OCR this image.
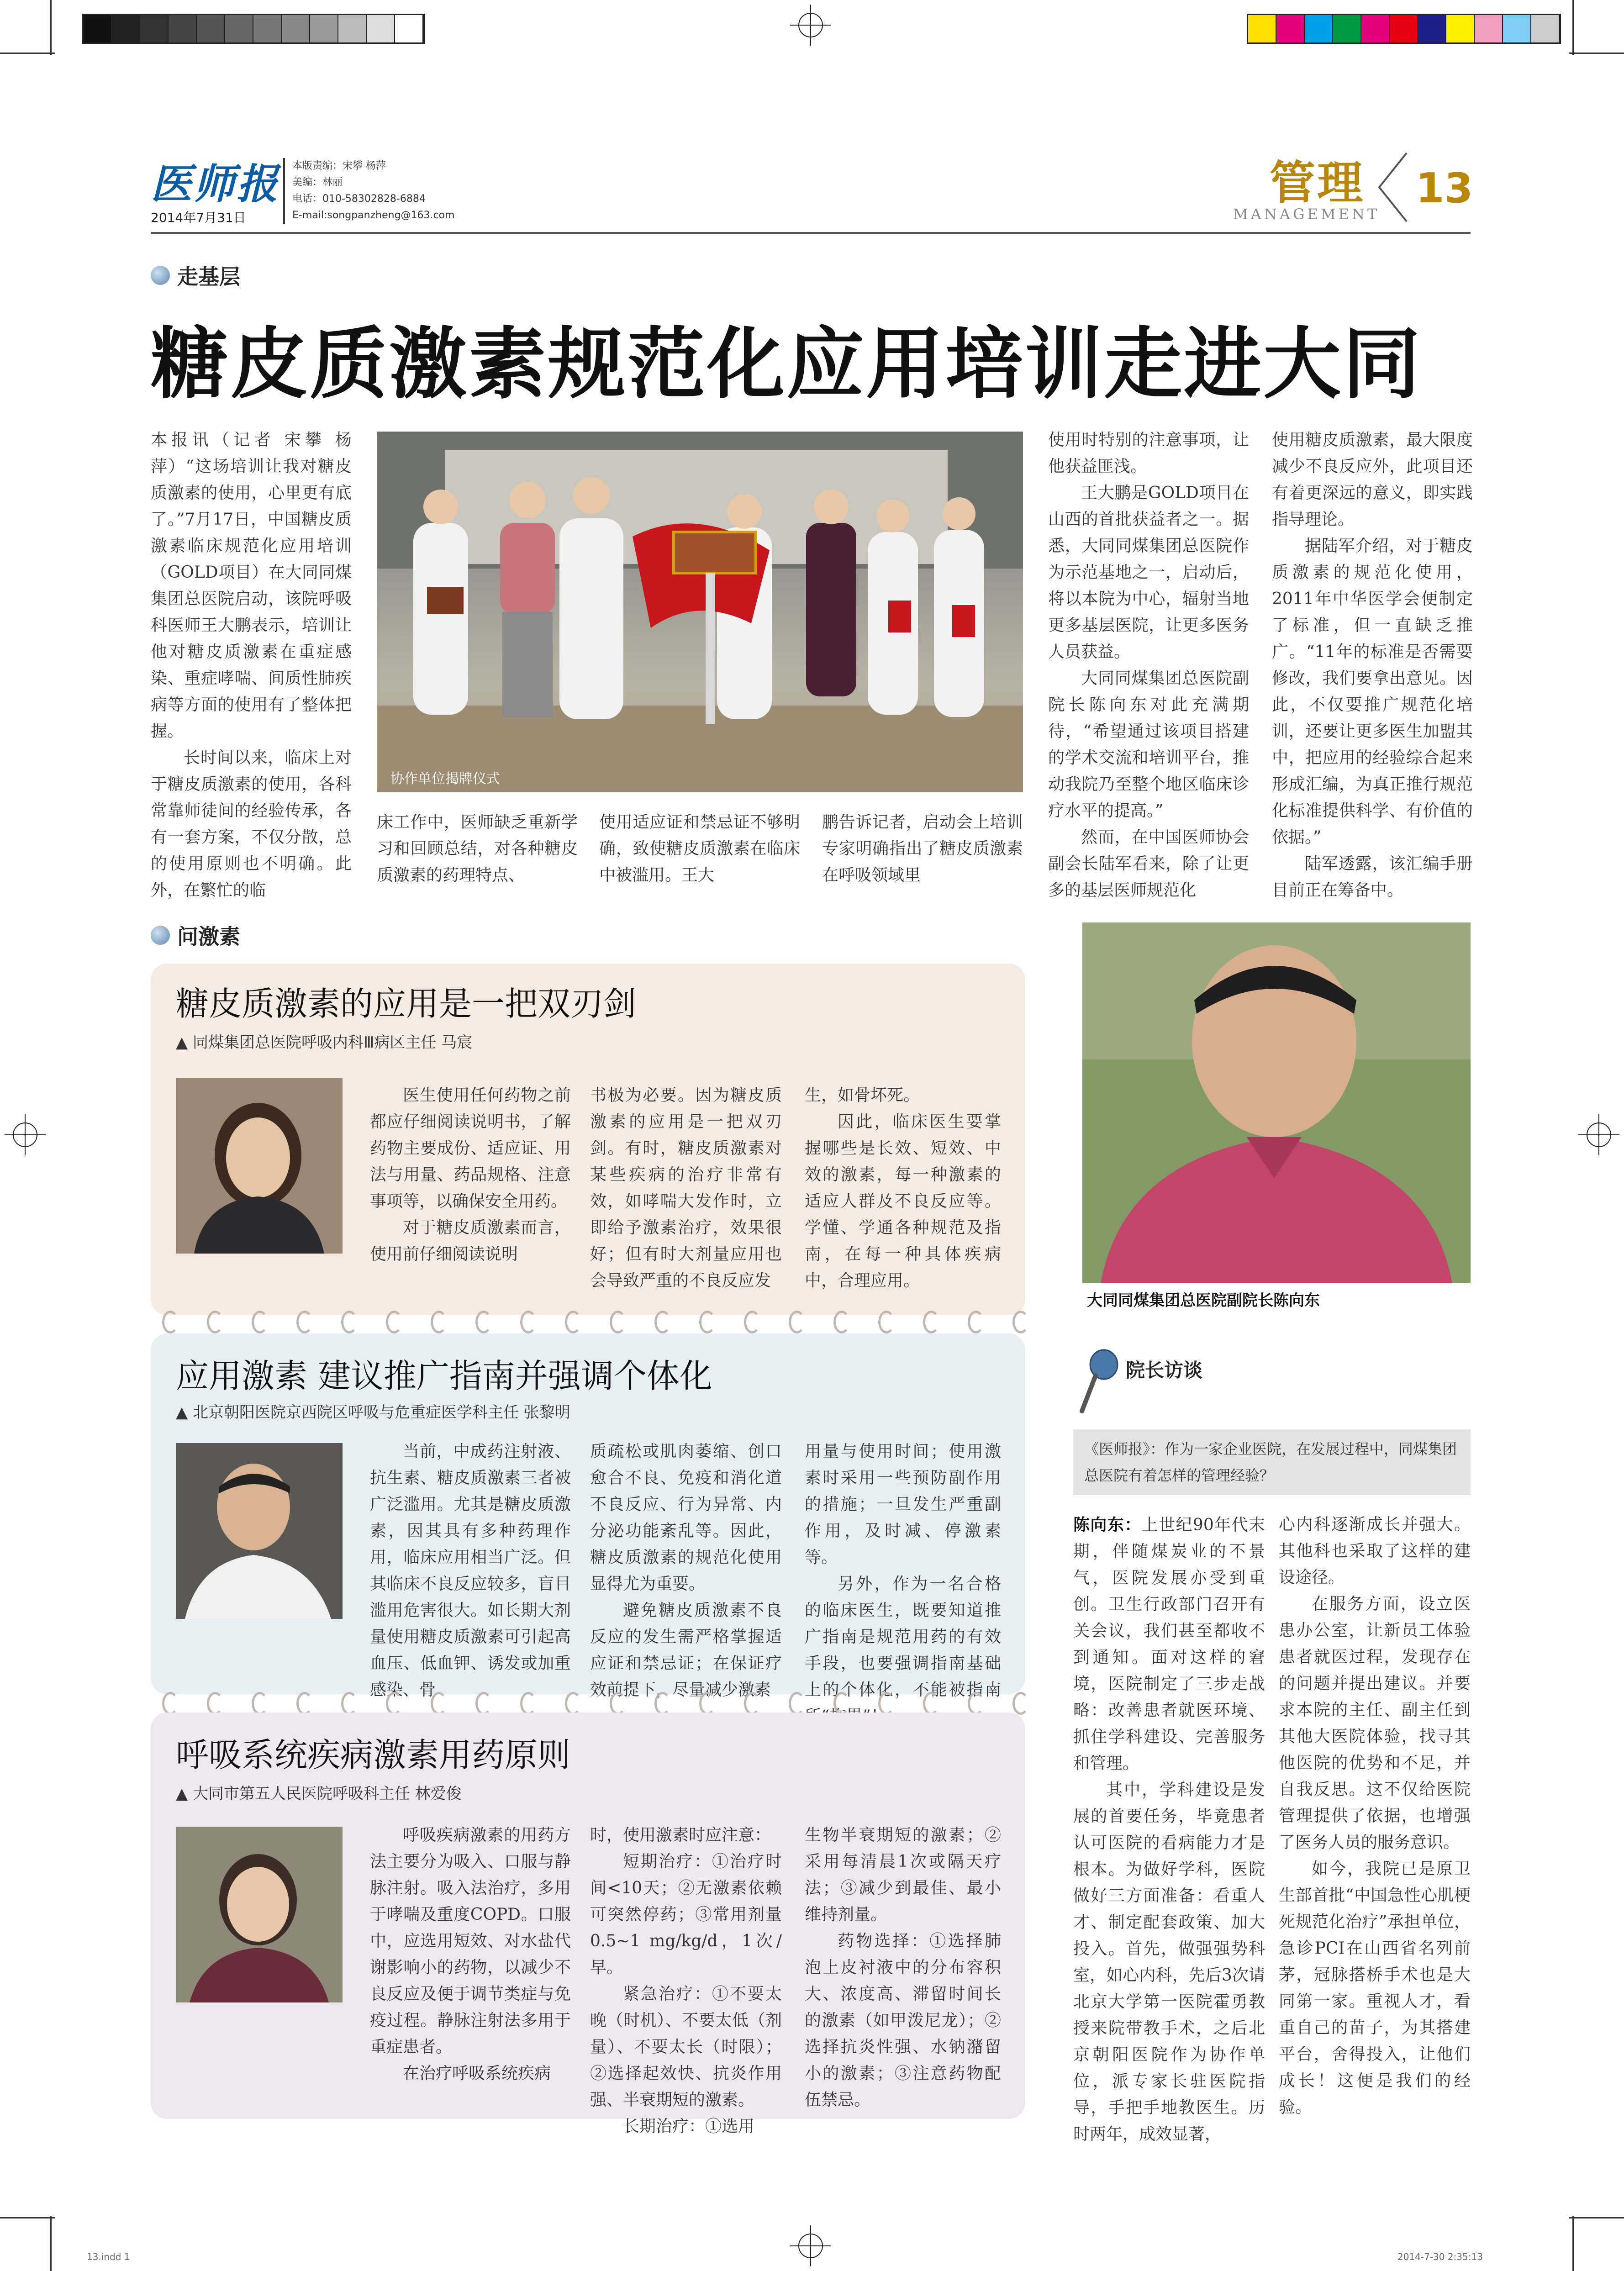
医师报
2014年7月31日
本版责编：宋攀 杨萍
美编：林丽
电话：010-58302828-6884
E-mail:songpanzheng@163.com
管理
MANAGEMENT
13
走基层
糖皮质激素规范化应用培训走进大同

本报讯（记者 宋攀 杨萍）“这场培训让我对糖皮质激素的使用，心里更有底了。”7月17日，中国糖皮质激素临床规范化应用培训（GOLD项目）在大同同煤集团总医院启动，该院呼吸科医师王大鹏表示，培训让他对糖皮质激素在重症感染、重症哮喘、间质性肺疾病等方面的使用有了整体把握。

长时间以来，临床上对于糖皮质激素的使用，各科常靠师徒间的经验传承，各有一套方案，不仅分散，总的使用原则也不明确。此外，在繁忙的临

协作单位揭牌仪式

床工作中，医师缺乏重新学习和回顾总结，对各种糖皮质激素的药理特点、

使用适应证和禁忌证不够明确，致使糖皮质激素在临床中被滥用。王大

鹏告诉记者，启动会上培训专家明确指出了糖皮质激素在呼吸领域里

使用时特别的注意事项，让他获益匪浅。

王大鹏是GOLD项目在山西的首批获益者之一。据悉，大同同煤集团总医院作为示范基地之一，启动后，将以本院为中心，辐射当地更多基层医院，让更多医务人员获益。

大同同煤集团总医院副院长陈向东对此充满期待，“希望通过该项目搭建的学术交流和培训平台，推动我院乃至整个地区临床诊疗水平的提高。”

然而，在中国医师协会副会长陆军看来，除了让更多的基层医师规范化

使用糖皮质激素，最大限度减少不良反应外，此项目还有着更深远的意义，即实践指导理论。

据陆军介绍，对于糖皮质激素的规范化使用，2011年中华医学会便制定了标准，但一直缺乏推广。“11年的标准是否需要修改，我们要拿出意见。因此，不仅要推广规范化培训，还要让更多医生加盟其中，把应用的经验综合起来形成汇编，为真正推行规范化标准提供科学、有价值的依据。”

陆军透露，该汇编手册目前正在筹备中。

问激素
糖皮质激素的应用是一把双刃剑
▲ 同煤集团总医院呼吸内科Ⅲ病区主任 马宸

医生使用任何药物之前都应仔细阅读说明书，了解药物主要成份、适应证、用法与用量、药品规格、注意事项等，以确保安全用药。

对于糖皮质激素而言，使用前仔细阅读说明

书极为必要。因为糖皮质激素的应用是一把双刃剑。有时，糖皮质激素对某些疾病的治疗非常有效，如哮喘大发作时，立即给予激素治疗，效果很好；但有时大剂量应用也会导致严重的不良反应发

生，如骨坏死。

因此，临床医生要掌握哪些是长效、短效、中效的激素，每一种激素的适应人群及不良反应等。学懂、学通各种规范及指南，在每一种具体疾病中，合理应用。

应用激素 建议推广指南并强调个体化
▲ 北京朝阳医院京西院区呼吸与危重症医学科主任 张黎明

当前，中成药注射液、抗生素、糖皮质激素三者被广泛滥用。尤其是糖皮质激素，因其具有多种药理作用，临床应用相当广泛。但其临床不良反应较多，盲目滥用危害很大。如长期大剂量使用糖皮质激素可引起高血压、低血钾、诱发或加重感染、骨

质疏松或肌肉萎缩、创口愈合不良、免疫和消化道不良反应、行为异常、内分泌功能紊乱等。因此，糖皮质激素的规范化使用显得尤为重要。

避免糖皮质激素不良反应的发生需严格掌握适应证和禁忌证；在保证疗效前提下，尽量减少激素

用量与使用时间；使用激素时采用一些预防副作用的措施；一旦发生严重副作用，及时减、停激素等。

另外，作为一名合格的临床医生，既要知道推广指南是规范用药的有效手段，也要强调指南基础上的个体化，不能被指南

呼吸系统疾病激素用药原则
▲ 大同市第五人民医院呼吸科主任 林爱俊

呼吸疾病激素的用药方法主要分为吸入、口服与静脉注射。吸入法治疗，多用于哮喘及重度COPD。口服中，应选用短效、对水盐代谢影响小的药物，以减少不良反应及便于调节类症与免疫过程。静脉注射法多用于重症患者。

在治疗呼吸系统疾病

时，使用激素时应注意：

短期治疗：①治疗时间<10天；②无激素依赖可突然停药；③常用剂量0.5~1 mg/kg/d，1次/早。

紧急治疗：①不要太晚（时机）、不要太低（剂量）、不要太长（时限）；②选择起效快、抗炎作用强、半衰期短的激素。

长期治疗：①选用

生物半衰期短的激素；②采用每清晨1次或隔天疗法；③减少到最佳、最小维持剂量。

药物选择：①选择肺泡上皮衬液中的分布容积大、浓度高、滞留时间长的激素（如甲泼尼龙）；②选择抗炎性强、水钠潴留小的激素；③注意药物配伍禁忌。

大同同煤集团总医院副院长陈向东
院长访谈
《医师报》：作为一家企业医院，在发展过程中，同煤集团总医院有着怎样的管理经验？

陈向东：上世纪90年代末期，伴随煤炭业的不景气，医院发展亦受到重创。卫生行政部门召开有关会议，我们甚至都收不到通知。面对这样的窘境，医院制定了三步走战略：改善患者就医环境、抓住学科建设、完善服务和管理。

其中，学科建设是发展的首要任务，毕竟患者认可医院的看病能力才是根本。为做好学科，医院做好三方面准备：看重人才、制定配套政策、加大投入。首先，做强强势科室，如心内科，先后3次请北京大学第一医院霍勇教授来院带教手术，之后北京朝阳医院作为协作单位，派专家长驻医院指导，手把手地教医生。历时两年，成效显著，

心内科逐渐成长并强大。其他科也采取了这样的建设途径。

在服务方面，设立医患办公室，让新员工体验患者就医过程，发现存在的问题并提出建议。并要求本院的主任、副主任到其他大医院体验，找寻其他医院的优势和不足，并自我反思。这不仅给医院管理提供了依据，也增强了医务人员的服务意识。

如今，我院已是原卫生部首批“中国急性心肌梗死规范化治疗”承担单位，急诊PCI在山西省名列前茅，冠脉搭桥手术也是大同第一家。重视人才，看重自己的苗子，为其搭建平台，舍得投入，让他们成长！这便是我们的经验。

13.indd 1	2014-7-30 2:35:13
